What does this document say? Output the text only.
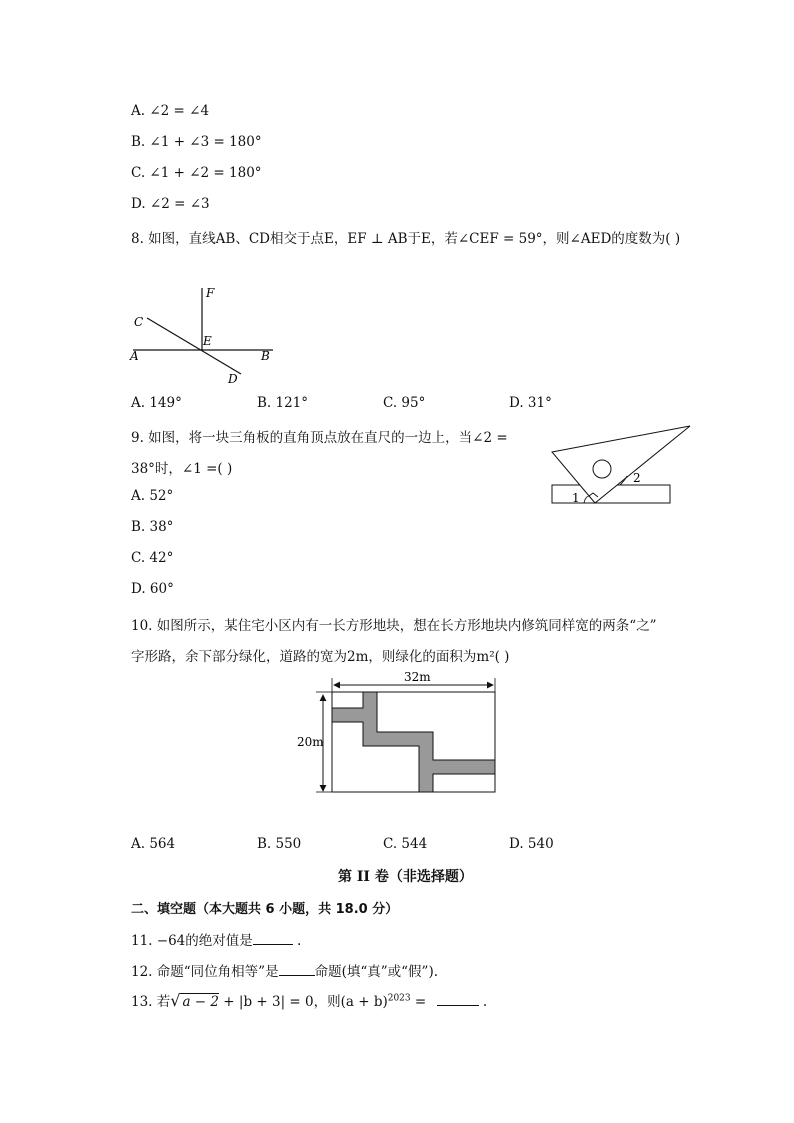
A. ∠2 = ∠4
B. ∠1 + ∠3 = 180°
C. ∠1 + ∠2 = 180°
D. ∠2 = ∠3
8. 如图，直线AB、CD相交于点E，EF ⊥ AB于E，若∠CEF = 59°，则∠AED的度数为( )
F
C
E
A	B
D
A. 149°	B. 121°	C. 95°	D. 31°
9. 如图，将一块三角板的直角顶点放在直尺的一边上，当∠2 =
38°时，∠1 =( )
1
2
A. 52°
B. 38°
C. 42°
D. 60°
10. 如图所示，某住宅小区内有一长方形地块，想在长方形地块内修筑同样宽的两条“之”
字形路，余下部分绿化，道路的宽为2m，则绿化的面积为m²( )
32m
20m
A. 564	B. 550	C. 544	D. 540
第 II 卷（非选择题）
二、填空题（本大题共 6 小题，共 18.0 分）
11. −64的绝对值是	.
12. 命题“同位角相等”是	命题(填“真”或“假”).
13. 若√ a − 2 + |b + 3| = 0，则$(a + b)^{2023}$ =	.
